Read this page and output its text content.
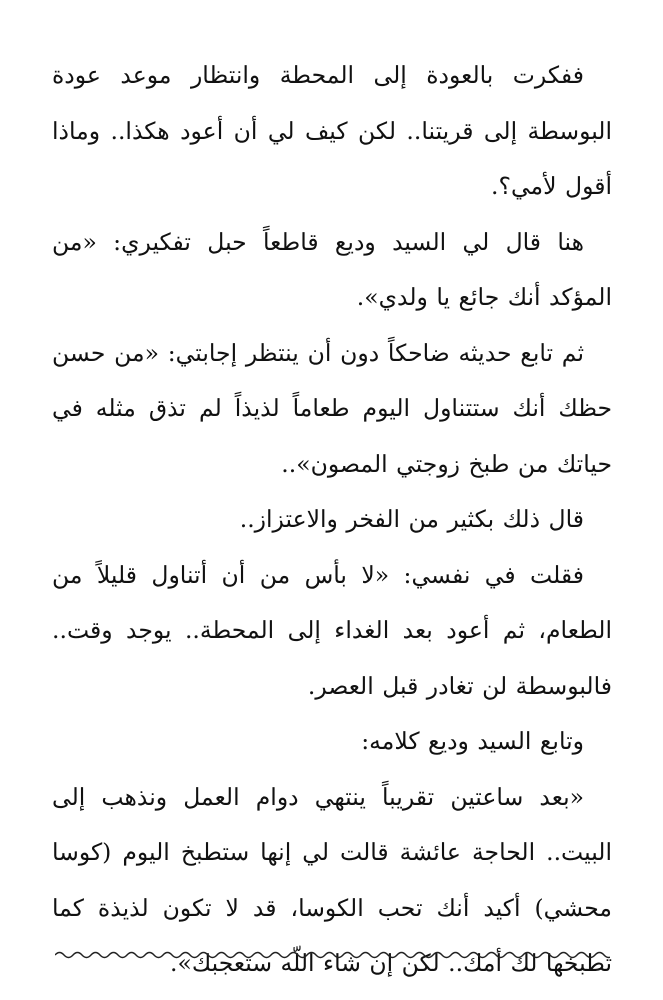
ففكرت بالعودة إلى المحطة وانتظار موعد عودة البوسطة إلى قريتنا.. لكن كيف لي أن أعود هكذا.. وماذا أقول لأمي؟.

هنا قال لي السيد وديع قاطعاً حبل تفكيري: «من المؤكد أنك جائع يا ولدي».

ثم تابع حديثه ضاحكاً دون أن ينتظر إجابتي: «من حسن حظك أنك ستتناول اليوم طعاماً لذيذاً لم تذق مثله في حياتك من طبخ زوجتي المصون»..

قال ذلك بكثير من الفخر والاعتزاز..

فقلت في نفسي: «لا بأس من أن أتناول قليلاً من الطعام، ثم أعود بعد الغداء إلى المحطة.. يوجد وقت.. فالبوسطة لن تغادر قبل العصر.

وتابع السيد وديع كلامه:

«بعد ساعتين تقريباً ينتهي دوام العمل ونذهب إلى البيت.. الحاجة عائشة قالت لي إنها ستطبخ اليوم (كوسا محشي) أكيد أنك تحب الكوسا، قد لا تكون لذيذة كما تطبخها لك أمك.. لكن إن شاء اللّه ستعجبك».
